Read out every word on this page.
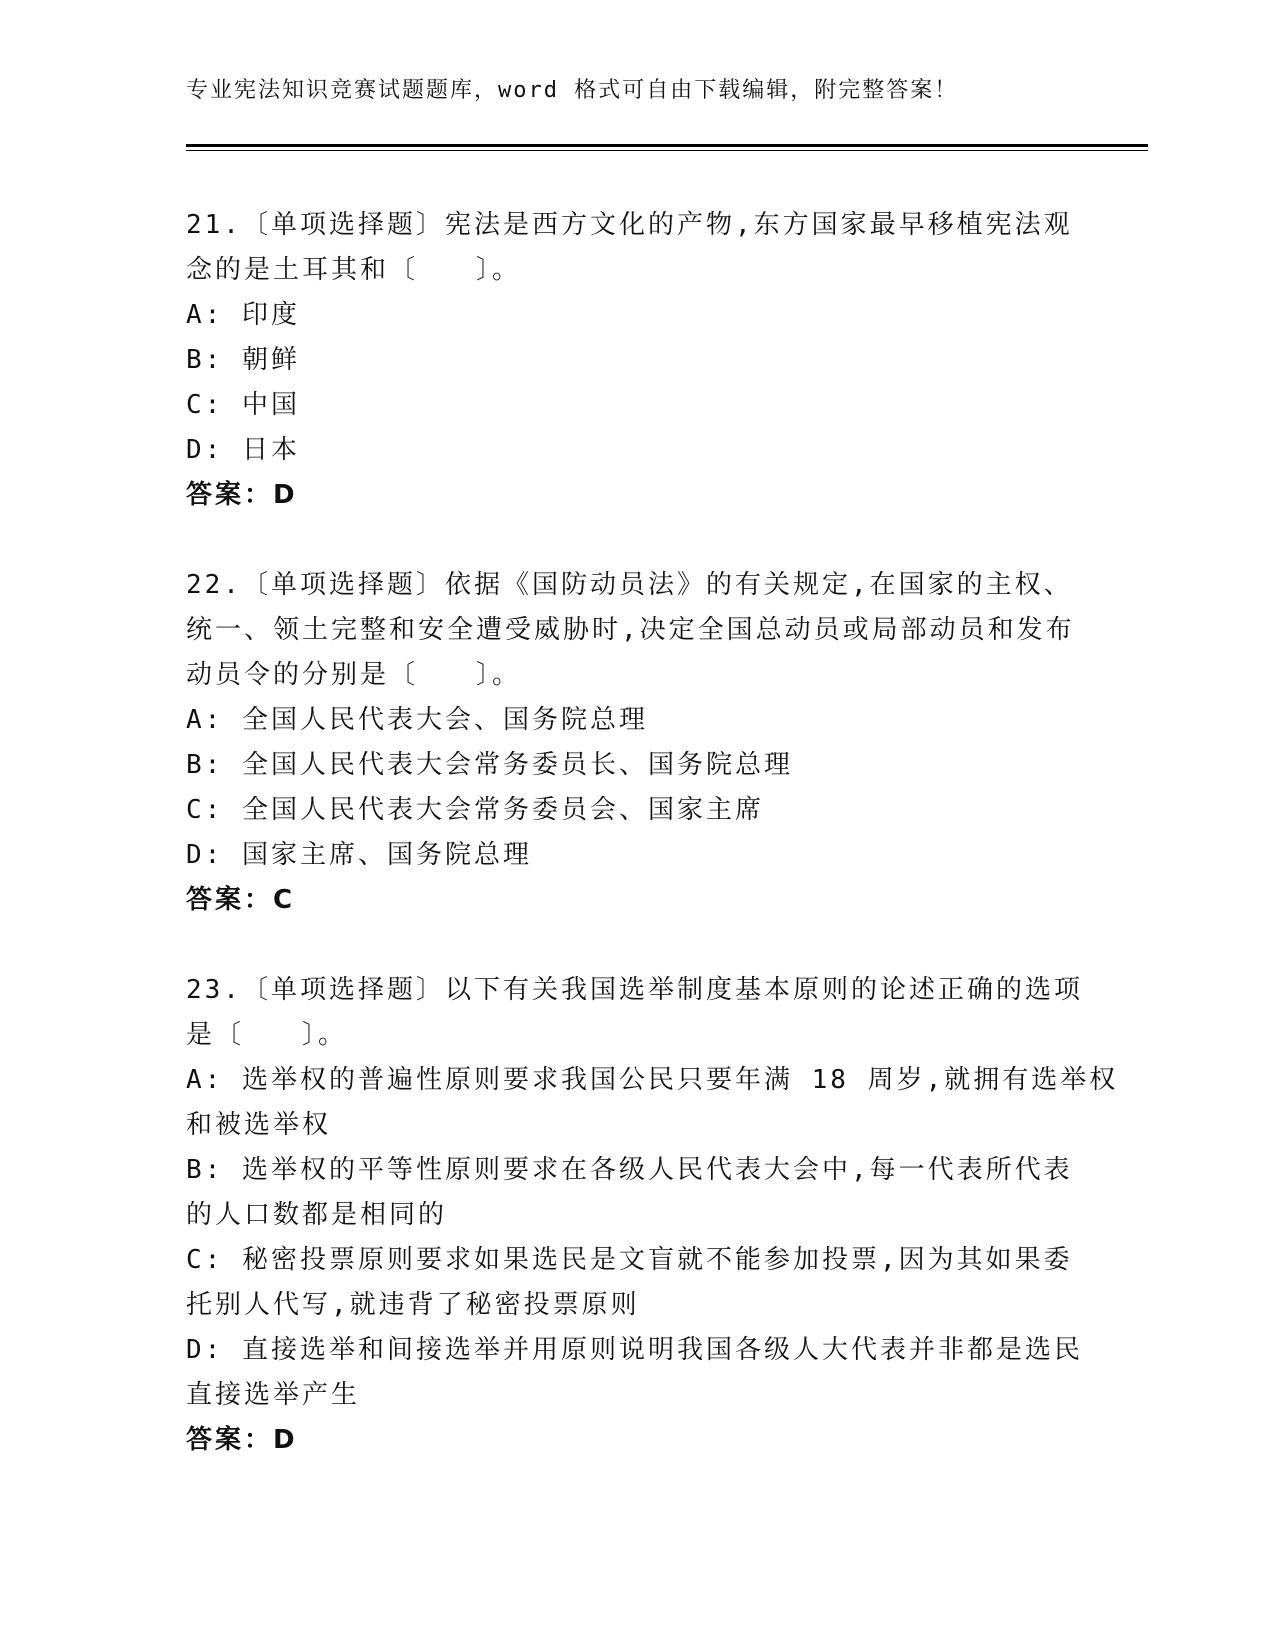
专业宪法知识竞赛试题题库，word 格式可自由下载编辑，附完整答案！
21.〔单项选择题〕宪法是西方文化的产物,东方国家最早移植宪法观
念的是土耳其和〔　　〕。
A: 印度
B: 朝鲜
C: 中国
D: 日本
答案：D
22.〔单项选择题〕依据《国防动员法》的有关规定,在国家的主权、
统一、领土完整和安全遭受威胁时,决定全国总动员或局部动员和发布
动员令的分别是〔　　〕。
A: 全国人民代表大会、国务院总理
B: 全国人民代表大会常务委员长、国务院总理
C: 全国人民代表大会常务委员会、国家主席
D: 国家主席、国务院总理
答案：C
23.〔单项选择题〕以下有关我国选举制度基本原则的论述正确的选项
是〔　　〕。
A: 选举权的普遍性原则要求我国公民只要年满 18 周岁,就拥有选举权
和被选举权
B: 选举权的平等性原则要求在各级人民代表大会中,每一代表所代表
的人口数都是相同的
C: 秘密投票原则要求如果选民是文盲就不能参加投票,因为其如果委
托别人代写,就违背了秘密投票原则
D: 直接选举和间接选举并用原则说明我国各级人大代表并非都是选民
直接选举产生
答案：D
